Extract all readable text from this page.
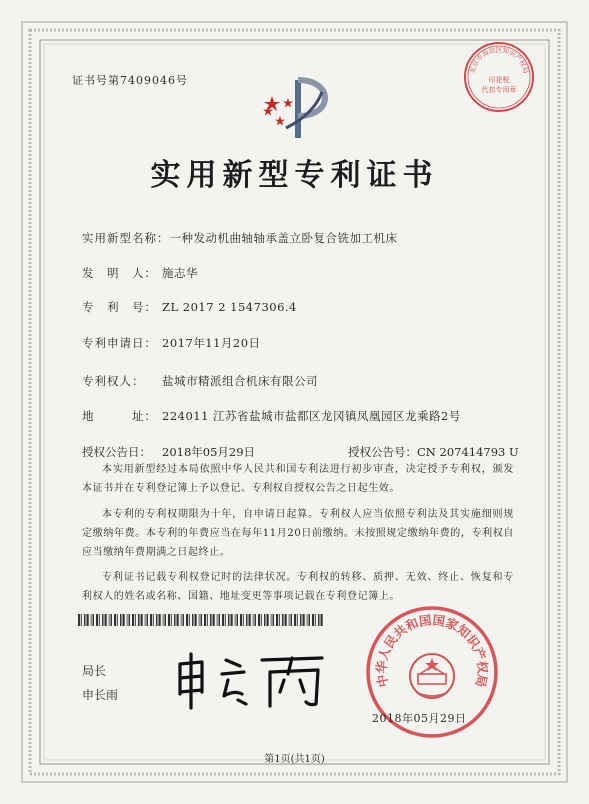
证书号第7409046号
北京市海淀区知识产权局
印花税
代扣专用章
实用新型专利证书
实用新型名称：一种发动机曲轴轴承盖立卧复合铣加工机床
发　明　人： 施志华
专　利　号： ZL 2017 2 1547306.4
专利申请日： 2017年11月20日
专利权人： 盐城市精派组合机床有限公司
地　　　址： 224011 江苏省盐城市盐都区龙冈镇凤凰园区龙乘路2号
授权公告日： 2018年05月29日	授权公告号：CN 207414793 U
本实用新型经过本局依照中华人民共和国专利法进行初步审查，决定授予专利权，颁发本证书并在专利登记簿上予以登记。专利权自授权公告之日起生效。
本专利的专利权期限为十年，自申请日起算。专利权人应当依照专利法及其实施细则规定缴纳年费。本专利的年费应当在每年11月20日前缴纳。未按照规定缴纳年费的，专利权自应当缴纳年费期满之日起终止。
专利证书记载专利权登记时的法律状况。专利权的转移、质押、无效、终止、恢复和专利权人的姓名或名称、国籍、地址变更等事项记载在专利登记簿上。
局长
申长雨
中华人民共和国国家知识产权局
2018年05月29日
第1页(共1页)
